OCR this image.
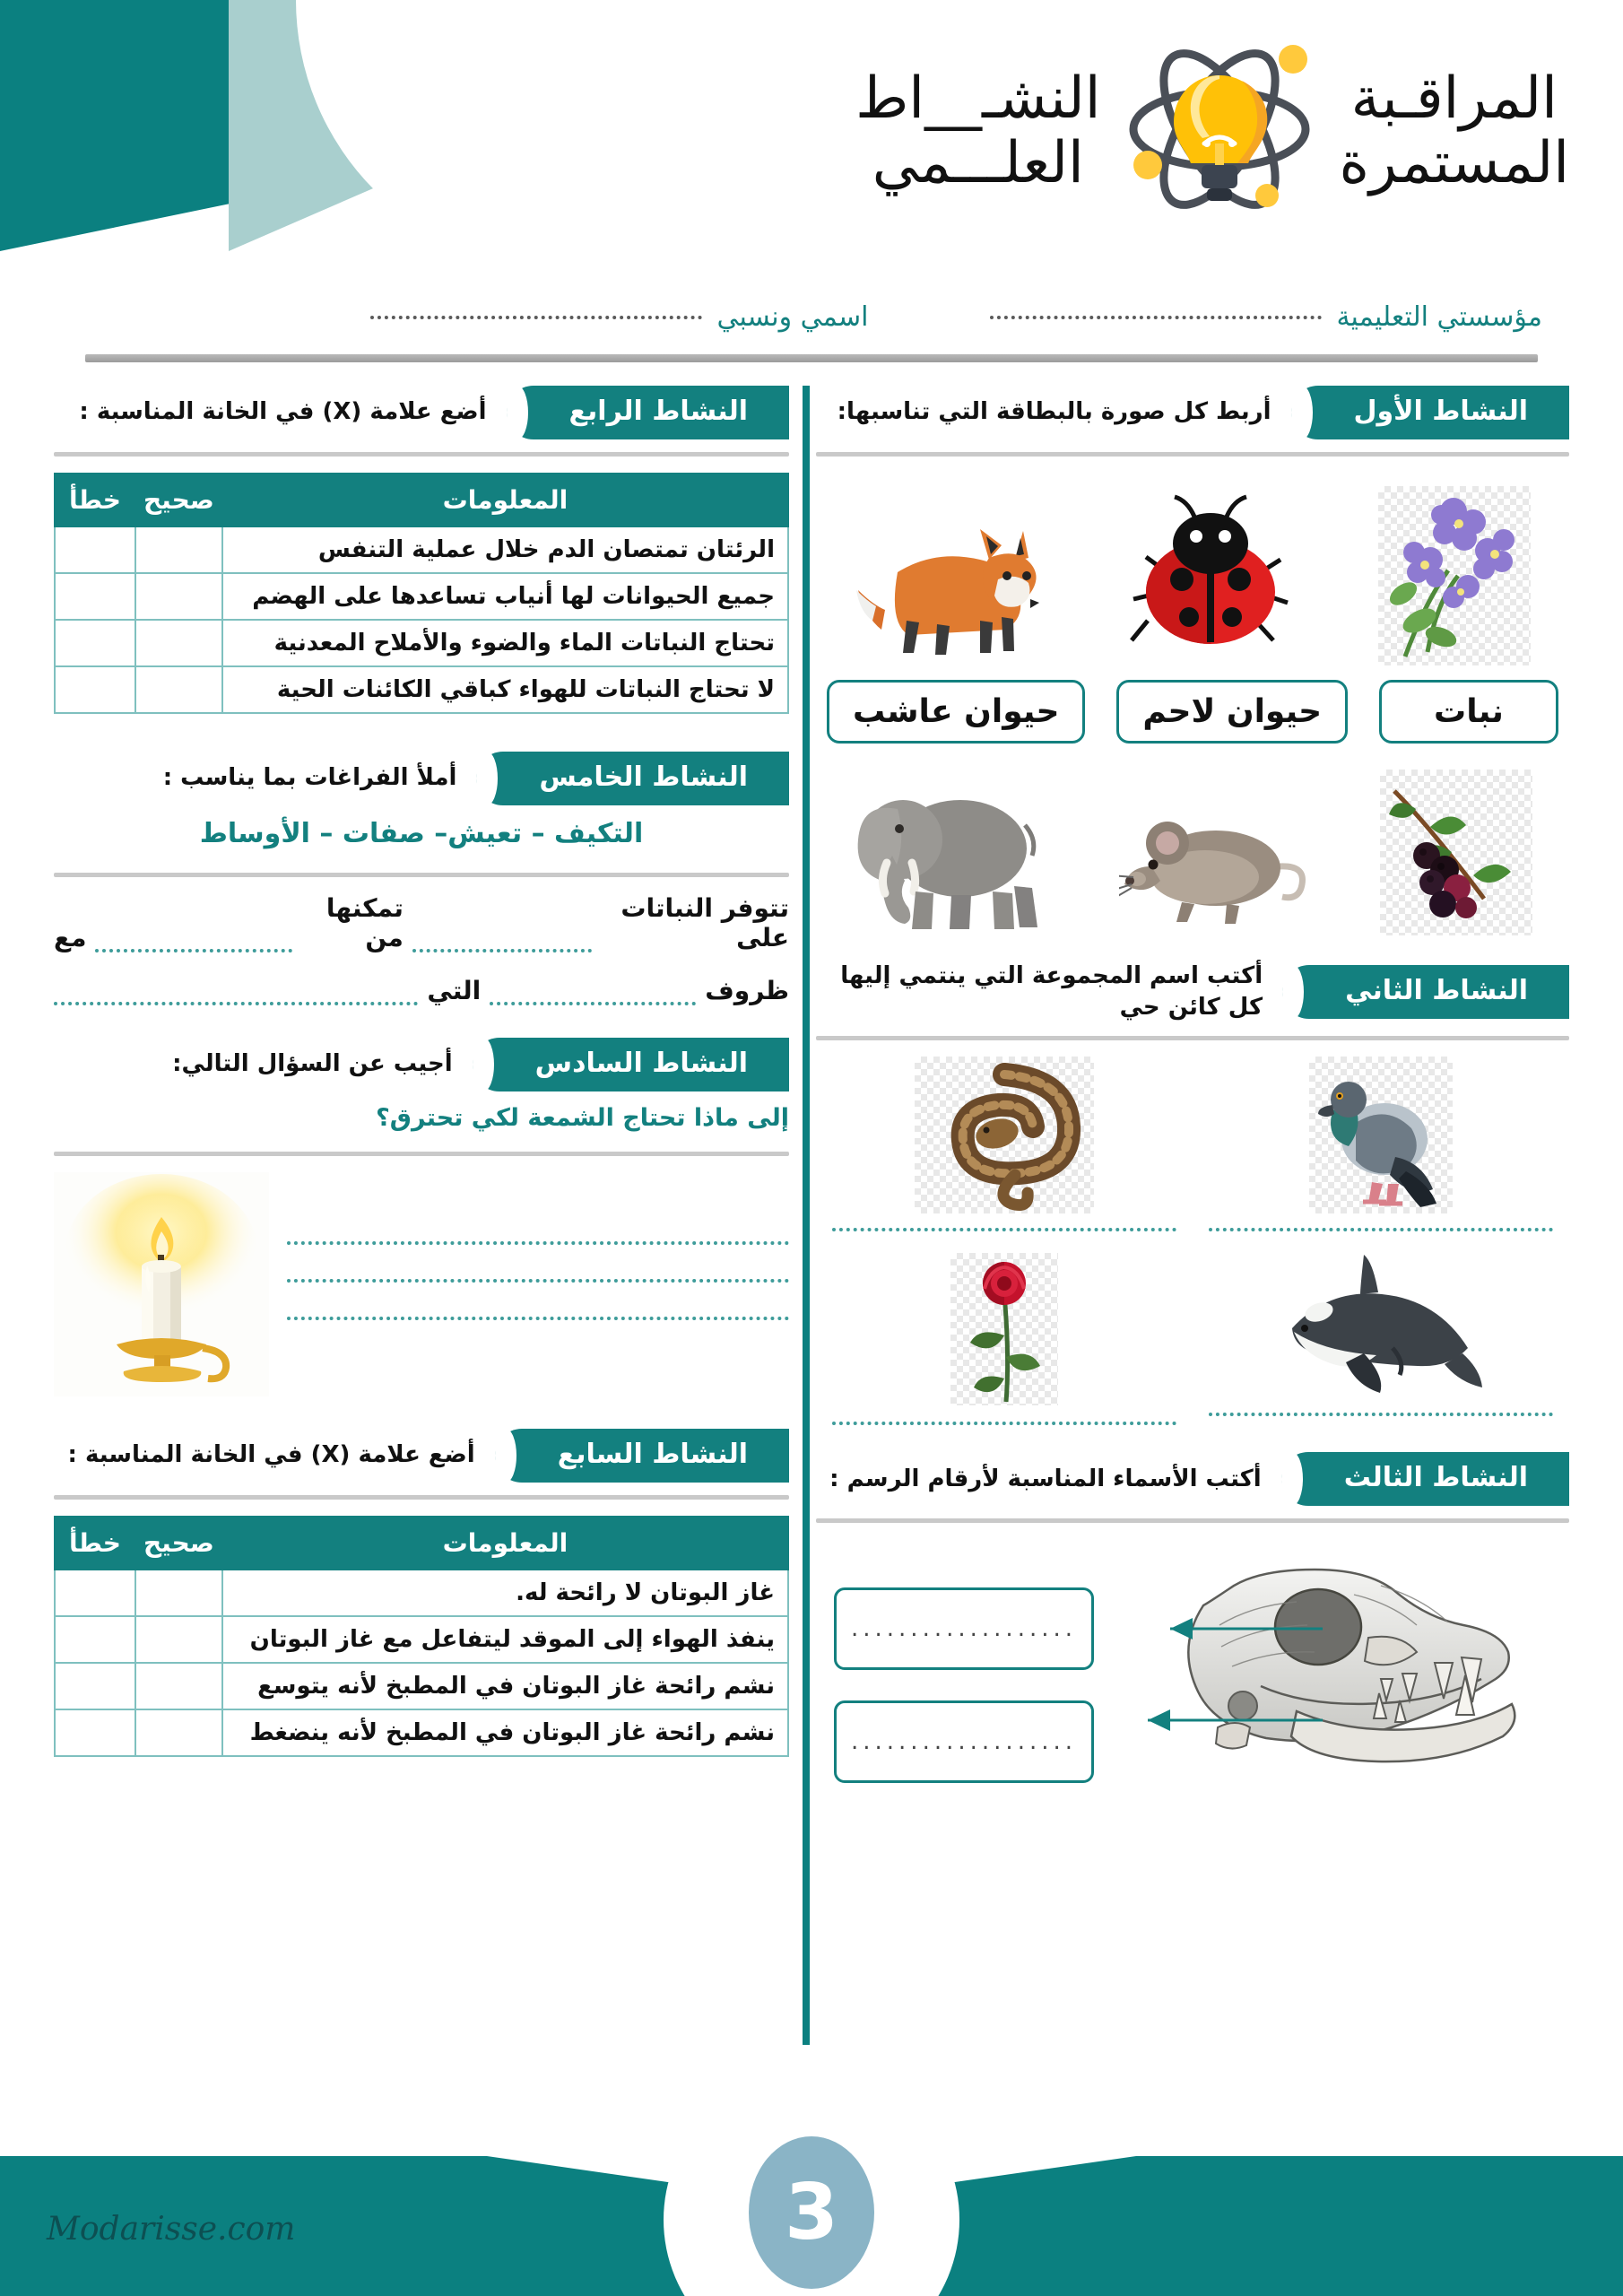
المراقـبة
المستمرة
النشـ__اط
العلـــمي
مؤسستي التعليمية
اسمي ونسبي
النشاط الأول
أربط كل صورة بالبطاقة التي تناسبها:
نبات
حيوان لاحم
حيوان عاشب
النشاط الثاني
أكتب اسم المجموعة التي ينتمي إليها
كل كائن حي
النشاط الثالث
أكتب الأسماء المناسبة لأرقام الرسم :
...................
...................
النشاط الرابع
أضع علامة (X) في الخانة المناسبة :
المعلومات	صحيح	خطأ
الرئتان تمتصان الدم خلال عملية التنفس		
جميع الحيوانات لها أنياب تساعدها على الهضم		
تحتاج النباتات الماء والضوء والأملاح المعدنية		
لا تحتاج النباتات للهواء كباقي الكائنات الحية		
النشاط الخامس
أملأ الفراغات بما يناسب :
التكيف – تعيش– صفات – الأوساط
تتوفر النباتات على
تمكنها من
مع
ظروف
التي
النشاط السادس
أجيب عن السؤال التالي:
إلى ماذا تحتاج الشمعة لكي تحترق؟
النشاط السابع
أضع علامة (X) في الخانة المناسبة :
المعلومات	صحيح	خطأ
غاز البوتان لا رائحة له.		
ينفذ الهواء إلى الموقد ليتفاعل مع غاز البوتان		
نشم رائحة غاز البوتان في المطبخ لأنه يتوسع		
نشم رائحة غاز البوتان في المطبخ لأنه ينضغط		
3
Modarisse.com
